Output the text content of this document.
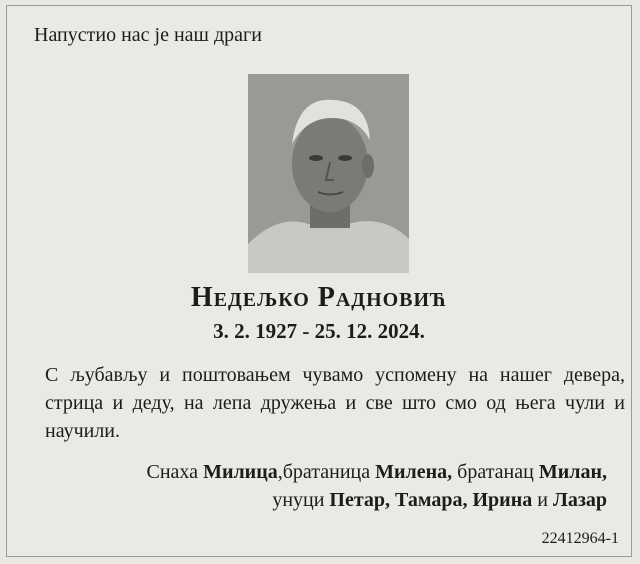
Напустио нас је наш драги
Недељко Радновић
3. 2. 1927 - 25. 12. 2024.
С љубављу и поштовањем чувамо успомену на нашег девера,
стрица и деду, на лепа дружења и све што смо од њега чули и
научили.
Снаха Милица,братаница Милена, братанац Милан,
унуци Петар, Тамара, Ирина и Лазар
22412964-1
